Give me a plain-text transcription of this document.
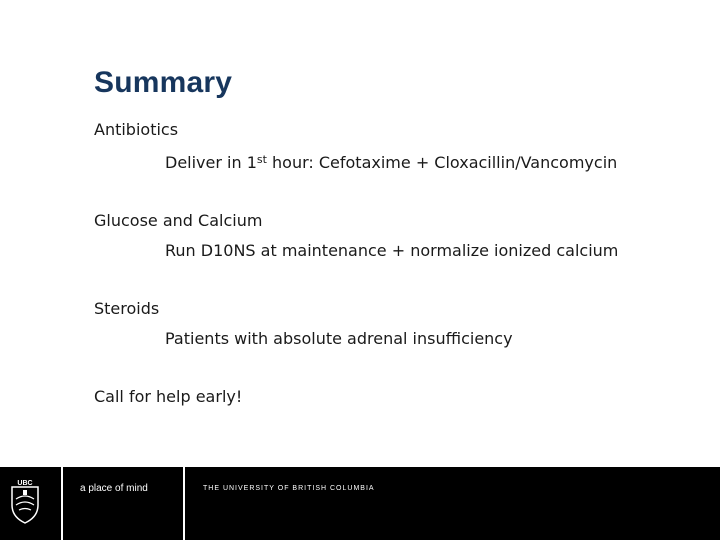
Summary

Antibiotics

Deliver in 1st hour: Cefotaxime + Cloxacillin/Vancomycin

Glucose and Calcium

Run D10NS at maintenance + normalize ionized calcium

Steroids

Patients with absolute adrenal insufficiency

Call for help early!

UBC	a place of mind	THE UNIVERSITY OF BRITISH COLUMBIA
